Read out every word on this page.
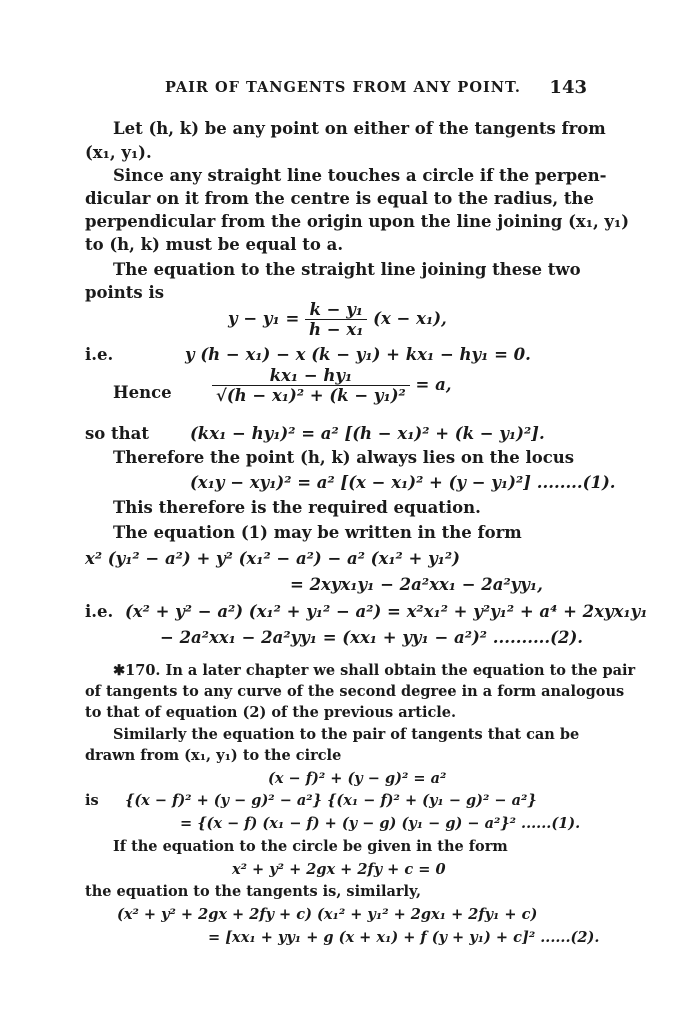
PAIR OF TANGENTS FROM ANY POINT. 143
Let (h, k) be any point on either of the tangents from
(x₁, y₁).
Since any straight line touches a circle if the perpen-
dicular on it from the centre is equal to the radius, the
perpendicular from the origin upon the line joining (x₁, y₁)
to (h, k) must be equal to a.
The equation to the straight line joining these two
points is
$y - y_1 = \frac{\text{k − y₁}}{\text{h − x₁}} (x - x_1)$,
i.e.	y (h − x₁) − x (k − y₁) + kx₁ − hy₁ = 0.
Hence $\frac{\text{kx₁ − hy₁}}{\text{√(h − x₁)² + (k − y₁)²}} = a$,
so that (kx₁ − hy₁)² = a² [(h − x₁)² + (k − y₁)²].
Therefore the point (h, k) always lies on the locus
(x₁y − xy₁)² = a² [(x − x₁)² + (y − y₁)²] ........(1).
This therefore is the required equation.
The equation (1) may be written in the form
x² (y₁² − a²) + y² (x₁² − a²) − a² (x₁² + y₁²)
= 2xyx₁y₁ − 2a²xx₁ − 2a²yy₁,
i.e. (x² + y² − a²) (x₁² + y₁² − a²) = x²x₁² + y²y₁² + a⁴ + 2xyx₁y₁
− 2a²xx₁ − 2a²yy₁ = (xx₁ + yy₁ − a²)² ..........(2).
✱170. In a later chapter we shall obtain the equation to the pair
of tangents to any curve of the second degree in a form analogous
to that of equation (2) of the previous article.
Similarly the equation to the pair of tangents that can be
drawn from (x₁, y₁) to the circle
(x − f)² + (y − g)² = a²
is {(x − f)² + (y − g)² − a²} {(x₁ − f)² + (y₁ − g)² − a²}
= {(x − f) (x₁ − f) + (y − g) (y₁ − g) − a²}² ......(1).
If the equation to the circle be given in the form
x² + y² + 2gx + 2fy + c = 0
the equation to the tangents is, similarly,
(x² + y² + 2gx + 2fy + c) (x₁² + y₁² + 2gx₁ + 2fy₁ + c)
= [xx₁ + yy₁ + g (x + x₁) + f (y + y₁) + c]² ......(2).
